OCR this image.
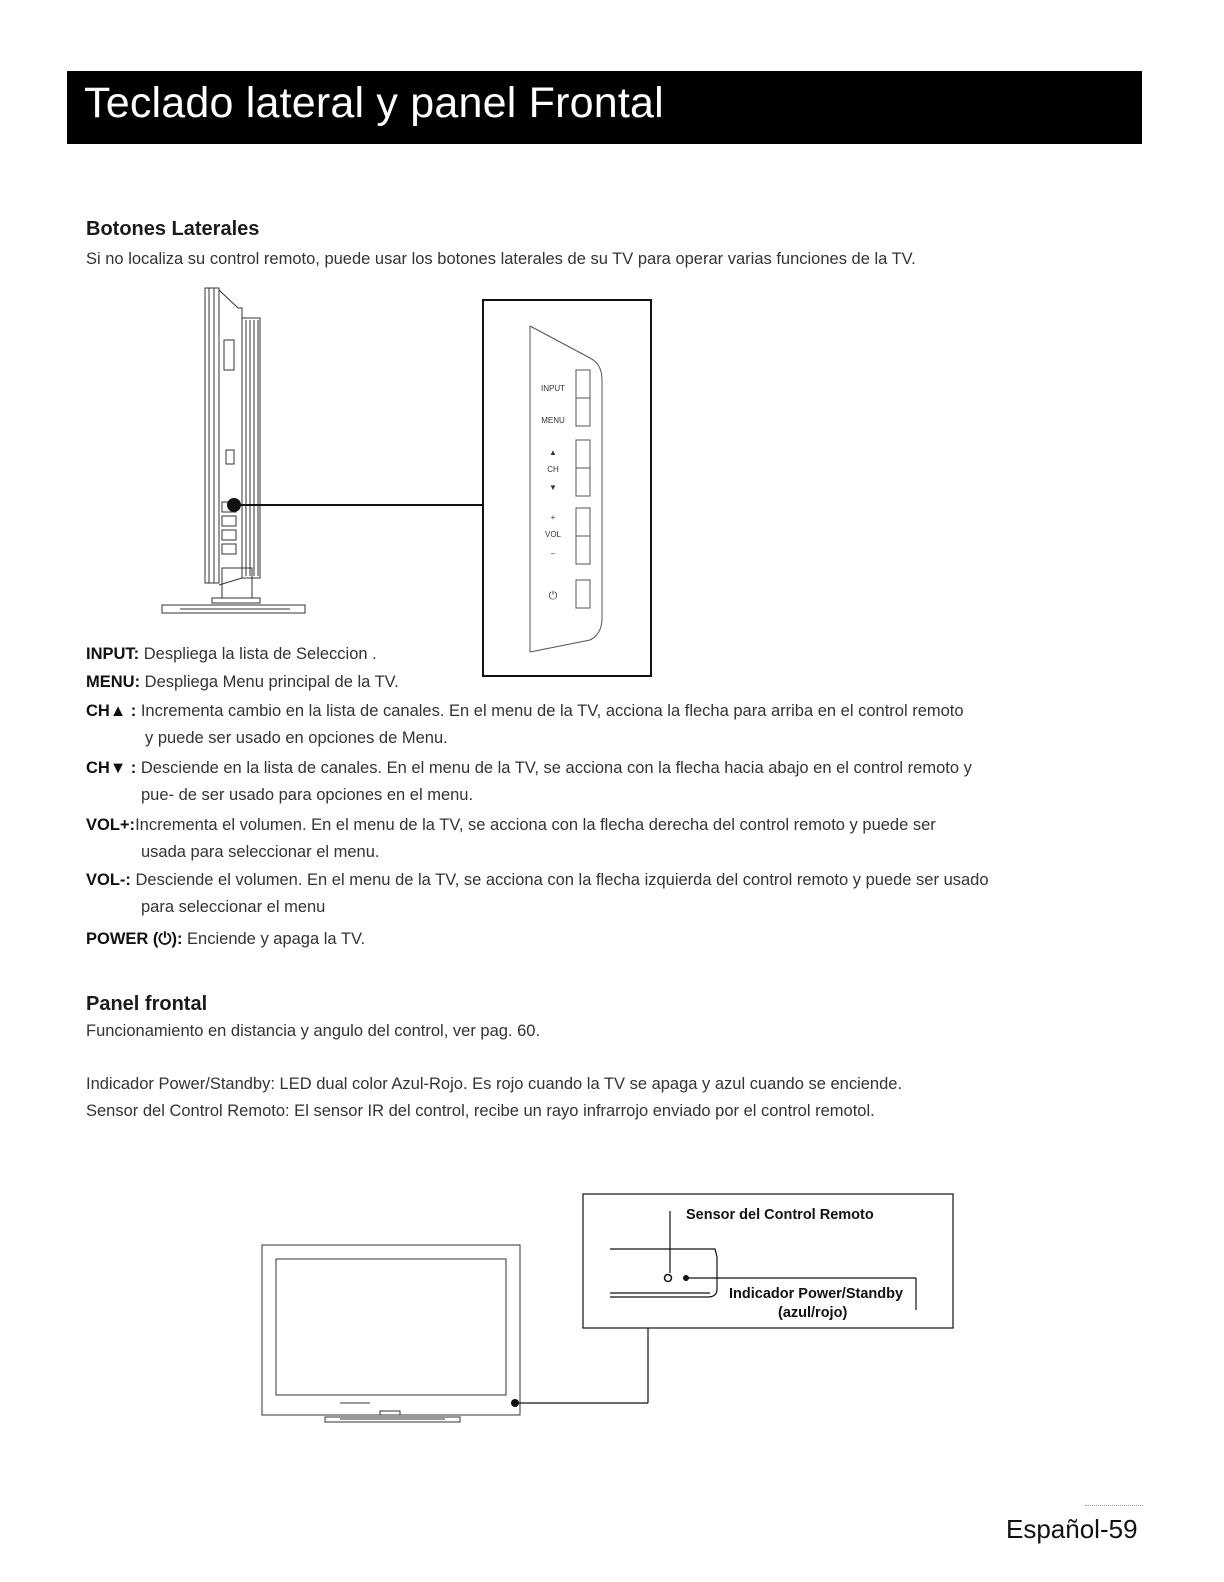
Teclado lateral y panel Frontal
Botones Laterales
Si no localiza su control remoto, puede usar los botones laterales de su TV para operar varias funciones de la TV.
INPUT
MENU
▲
CH
▼
+
VOL
–
⏻
INPUT: Despliega la lista de Seleccion .
MENU: Despliega Menu principal de la TV.
CH▲ : Incrementa cambio en la lista de canales. En el menu de la TV, acciona la flecha para arriba en el control remoto
y puede ser usado en opciones de Menu.
CH▼ : Desciende en la lista de canales. En el menu de la TV, se acciona con la flecha hacia abajo en el control remoto y
pue- de ser usado para opciones en el menu.
VOL+:Incrementa el volumen. En el menu de la TV, se acciona con la flecha derecha del control remoto y puede ser
usada para seleccionar el menu.
VOL-: Desciende el volumen. En el menu de la TV, se acciona con la flecha izquierda del control remoto y puede ser usado
para seleccionar el menu
POWER (⏻): Enciende y apaga la TV.
Panel frontal
Funcionamiento en distancia y angulo del control, ver pag. 60.
Indicador Power/Standby: LED dual color Azul-Rojo. Es rojo cuando la TV se apaga y azul cuando se enciende.
Sensor del Control Remoto: El sensor IR del control, recibe un rayo infrarrojo enviado por el control remotol.
Sensor del Control Remoto
Indicador Power/Standby
(azul/rojo)
Español-59
